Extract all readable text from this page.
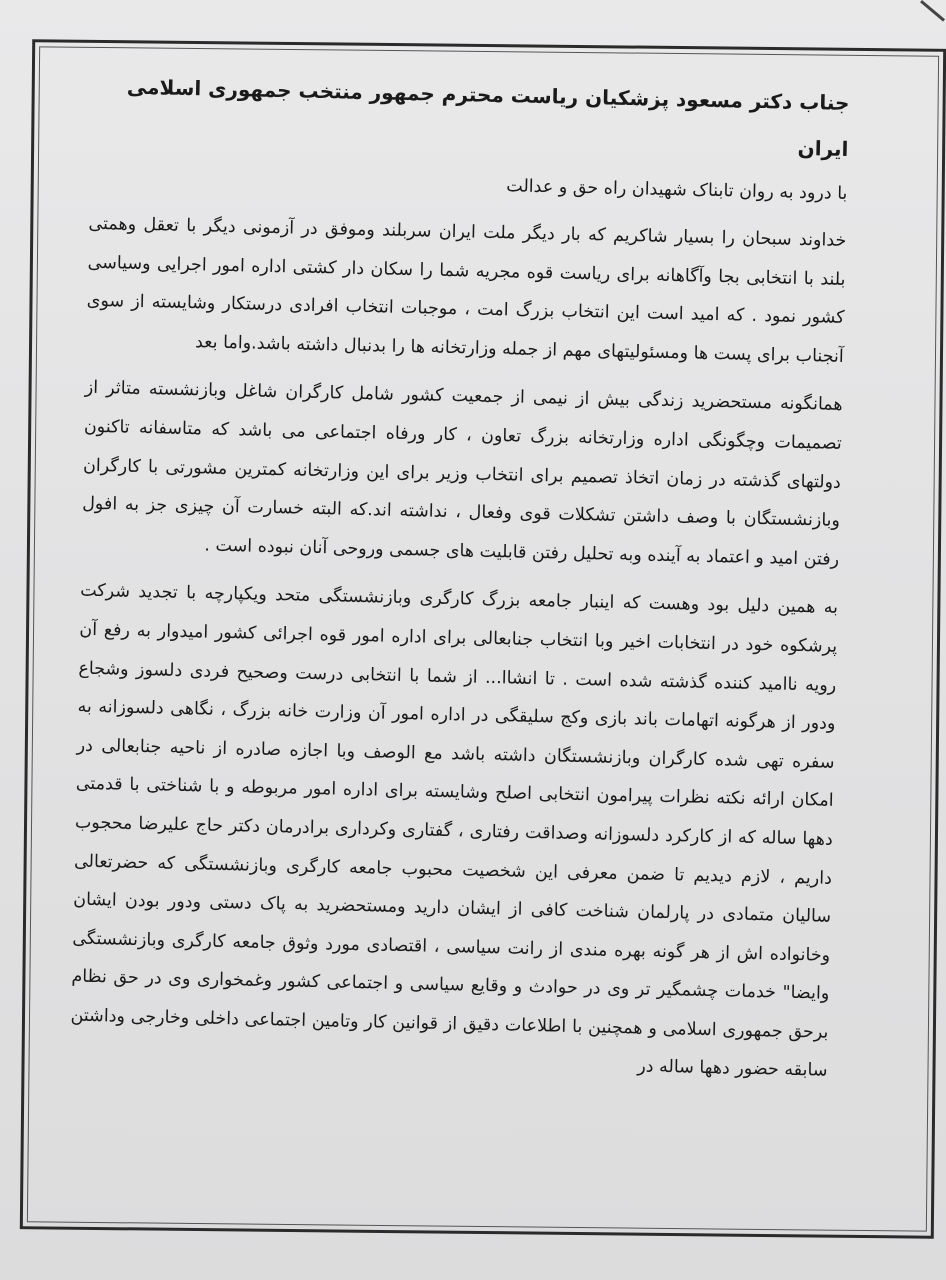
جناب دکتر مسعود پزشکیان ریاست محترم جمهور منتخب جمهوری اسلامی ایران

با درود به روان تابناک شهیدان راه حق و عدالت

خداوند سبحان را بسیار شاکریم که بار دیگر ملت ایران سربلند وموفق در آزمونی دیگر با تعقل وهمتی بلند با انتخابی بجا وآگاهانه برای ریاست قوه مجریه شما را سکان دار کشتی اداره امور اجرایی وسیاسی کشور نمود . که امید است این انتخاب بزرگ امت ، موجبات انتخاب افرادی درستکار وشایسته از سوی آنجناب برای پست ها ومسئولیتهای مهم از جمله وزارتخانه ها را بدنبال داشته باشد.واما بعد

همانگونه مستحضرید زندگی بیش از نیمی از جمعیت کشور شامل کارگران شاغل وبازنشسته متاثر از تصمیمات وچگونگی اداره وزارتخانه بزرگ تعاون ، کار ورفاه اجتماعی می باشد که متاسفانه تاکنون دولتهای گذشته در زمان اتخاذ تصمیم برای انتخاب وزیر برای این وزارتخانه کمترین مشورتی با کارگران وبازنشستگان با وصف داشتن تشکلات قوی وفعال ، نداشته اند.که البته خسارت آن چیزی جز به افول رفتن امید و اعتماد به آینده وبه تحلیل رفتن قابلیت های جسمی وروحی آنان نبوده است .

به همین دلیل بود وهست که اینبار جامعه بزرگ کارگری وبازنشستگی متحد ویکپارچه با تجدید شرکت پرشکوه خود در انتخابات اخیر وبا انتخاب جنابعالی برای اداره امور قوه اجرائی کشور امیدوار به رفع آن رویه ناامید کننده گذشته شده است . تا انشاا... از شما با انتخابی درست وصحیح فردی دلسوز وشجاع ودور از هرگونه اتهامات باند بازی وکج سلیقگی در اداره امور آن وزارت خانه بزرگ ، نگاهی دلسوزانه به سفره تهی شده کارگران وبازنشستگان داشته باشد مع الوصف وبا اجازه صادره از ناحیه جنابعالی در امکان ارائه نکته نظرات پیرامون انتخابی اصلح وشایسته برای اداره امور مربوطه و با شناختی با قدمتی دهها ساله که از کارکرد دلسوزانه وصداقت رفتاری ، گفتاری وکرداری برادرمان دکتر حاج علیرضا محجوب داریم ، لازم دیدیم تا ضمن معرفی این شخصیت محبوب جامعه کارگری وبازنشستگی که حضرتعالی سالیان متمادی در پارلمان شناخت کافی از ایشان دارید ومستحضرید به پاک دستی ودور بودن ایشان وخانواده اش از هر گونه بهره مندی از رانت سیاسی ، اقتصادی مورد وثوق جامعه کارگری وبازنشستگی وایضا" خدمات چشمگیر تر وی در حوادث و وقایع سیاسی و اجتماعی کشور وغمخواری وی در حق نظام برحق جمهوری اسلامی و همچنین با اطلاعات دقیق از قوانین کار وتامین اجتماعی داخلی وخارجی وداشتن سابقه حضور دهها ساله در
